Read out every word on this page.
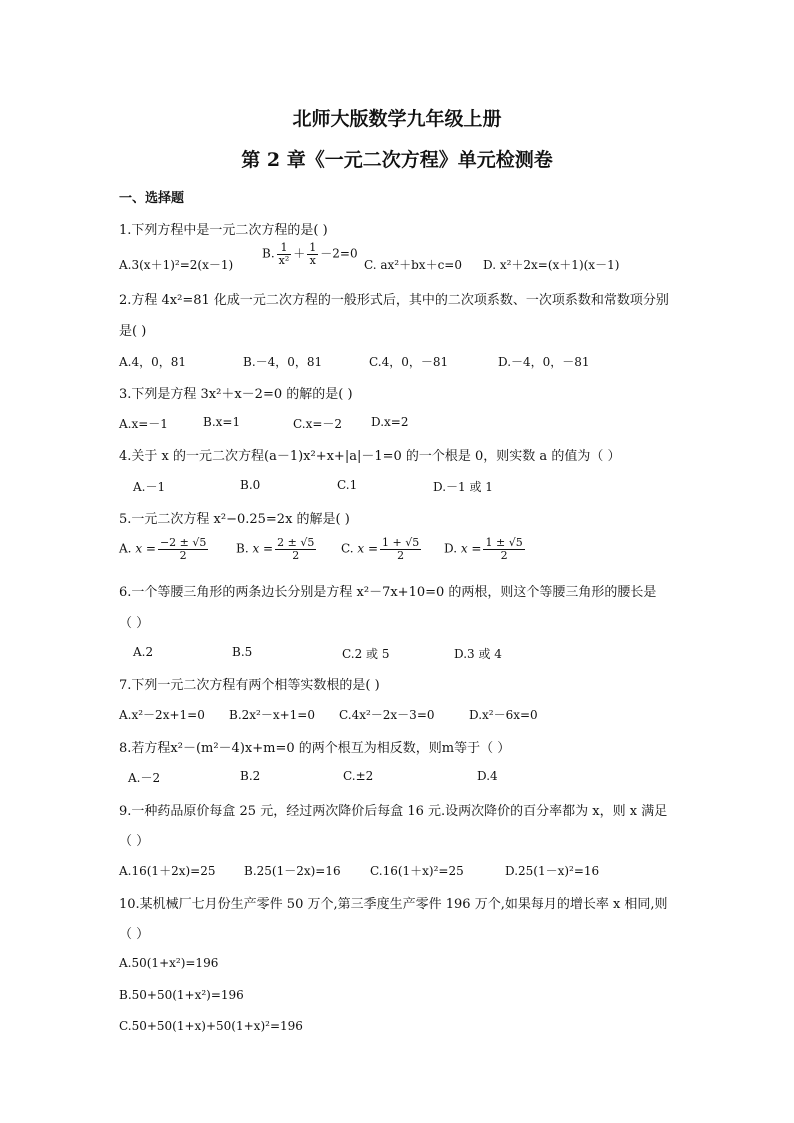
北师大版数学九年级上册
第 2 章《一元二次方程》单元检测卷
一、选择题
1.下列方程中是一元二次方程的是( )
A.3(x＋1)²=2(x－1)
B. $\frac{1}{\text{x²}} + \frac{1}{x} -2=0$
C. ax²＋bx＋c=0 D. x²＋2x=(x＋1)(x－1)
2.方程 4x²=81 化成一元二次方程的一般形式后，其中的二次项系数、一次项系数和常数项分别
是( )
A.4，0，81	B.－4，0，81	C.4，0，－81	D.－4，0，－81
3.下列是方程 3x²＋x－2=0 的解的是( )
A.x=－1	B.x=1	C.x=－2 D.x=2
4.关于 x 的一元二次方程(a－1)x²+x+|a|－1=0 的一个根是 0，则实数 a 的值为（ ）
A.－1	B.0	C.1	D.－1 或 1
5.一元二次方程 x²−0.25=2x 的解是( )
A. $x = \frac{-2 \pm √5}{2} B$. $x = \frac{2 \pm √5}{2} C$. $x = \frac{1 + √5}{2} D$. $x = \frac{1 \pm √5}{2}$
6.一个等腰三角形的两条边长分别是方程 x²－7x+10=0 的两根，则这个等腰三角形的腰长是
（ ）
A.2	B.5	C.2 或 5	D.3 或 4
7.下列一元二次方程有两个相等实数根的是( )
A.x²－2x+1=0 B.2x²－x+1=0 C.4x²－2x－3=0	D.x²－6x=0
8.若方程x²－(m²－4)x+m=0 的两个根互为相反数，则m等于（ ）
A.－2	B.2	C.±2	D.4
9.一种药品原价每盒 25 元，经过两次降价后每盒 16 元.设两次降价的百分率都为 x，则 x 满足
（ ）
A.16(1＋2x)=25 B.25(1－2x)=16 C.16(1＋x)²=25	D.25(1－x)²=16
10.某机械厂七月份生产零件 50 万个,第三季度生产零件 196 万个,如果每月的增长率 x 相同,则
（ ）
A.50(1+x²)=196
B.50+50(1+x²)=196
C.50+50(1+x)+50(1+x)²=196
